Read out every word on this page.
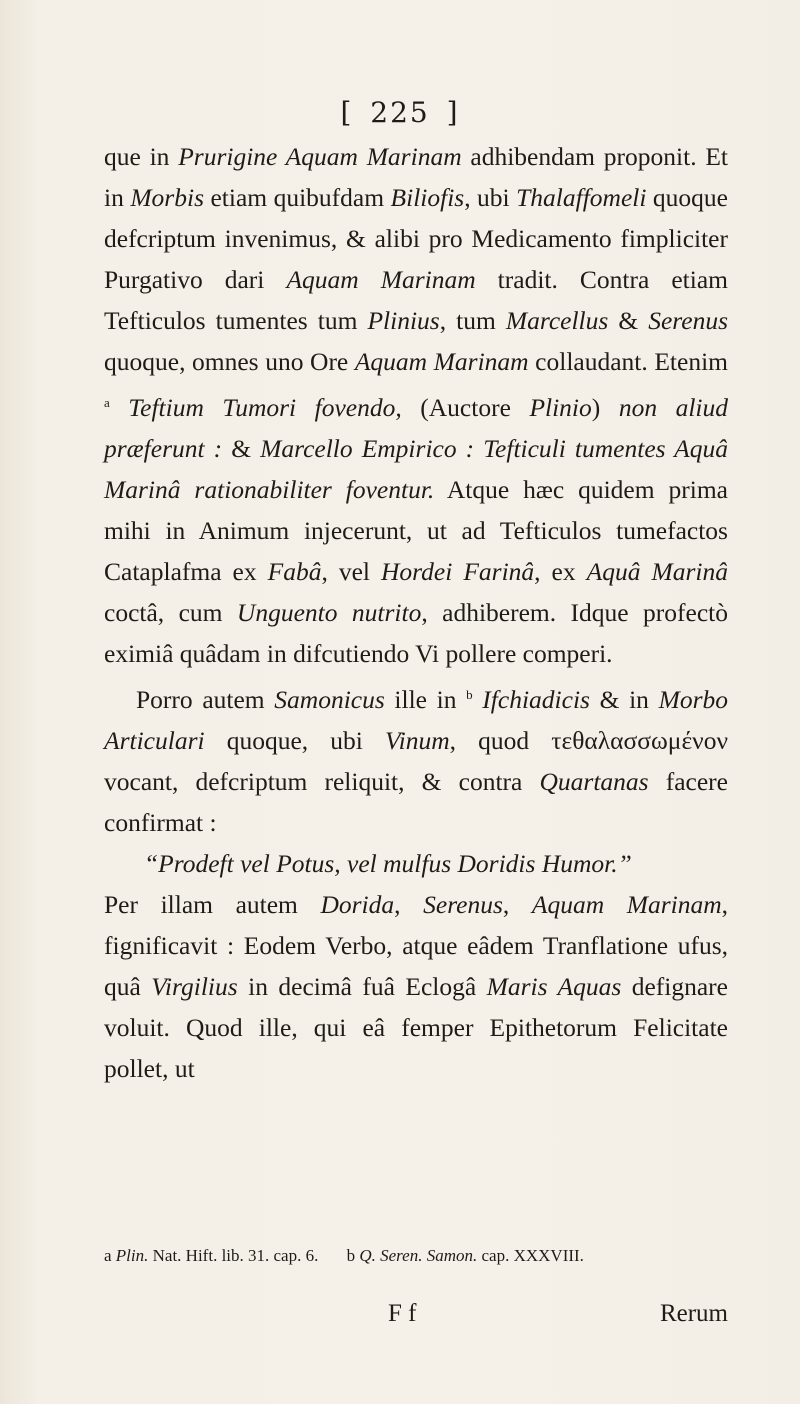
[ 225 ]

que in Prurigine Aquam Marinam adhibendam proponit. Et in Morbis etiam quibufdam Biliofis, ubi Thalaffomeli quoque defcriptum invenimus, & alibi pro Medicamento fimpliciter Purgativo dari Aquam Marinam tradit. Contra etiam Tefticulos tumentes tum Plinius, tum Marcellus & Serenus quoque, omnes uno Ore Aquam Marinam collaudant. Etenim $^a$ Teftium Tumori fovendo, (Auctore Plinio) non aliud præferunt : & Marcello Empirico : Tefticuli tumentes Aquâ Marinâ rationabiliter foventur. Atque hæc quidem prima mihi in Animum injecerunt, ut ad Tefticulos tumefactos Cataplafma ex Fabâ, vel Hordei Farinâ, ex Aquâ Marinâ coctâ, cum Unguento nutrito, adhiberem. Idque profectò eximiâ quâdam in difcutiendo Vi pollere comperi.

Porro autem Samonicus ille in $^b$ Ifchiadicis & in Morbo Articulari quoque, ubi Vinum, quod τεθαλασσωμένον vocant, defcriptum reliquit, & contra Quartanas facere confirmat :

“Prodeft vel Potus, vel mulfus Doridis Humor.”

Per illam autem Dorida, Serenus, Aquam Marinam, fignificavit : Eodem Verbo, atque eâdem Tranflatione ufus, quâ Virgilius in decimâ fuâ Eclogâ Maris Aquas defignare voluit. Quod ille, qui eâ femper Epithetorum Felicitate pollet, ut

a Plin. Nat. Hift. lib. 31. cap. 6. b Q. Seren. Samon. cap. XXXVIII.
F f	Rerum
